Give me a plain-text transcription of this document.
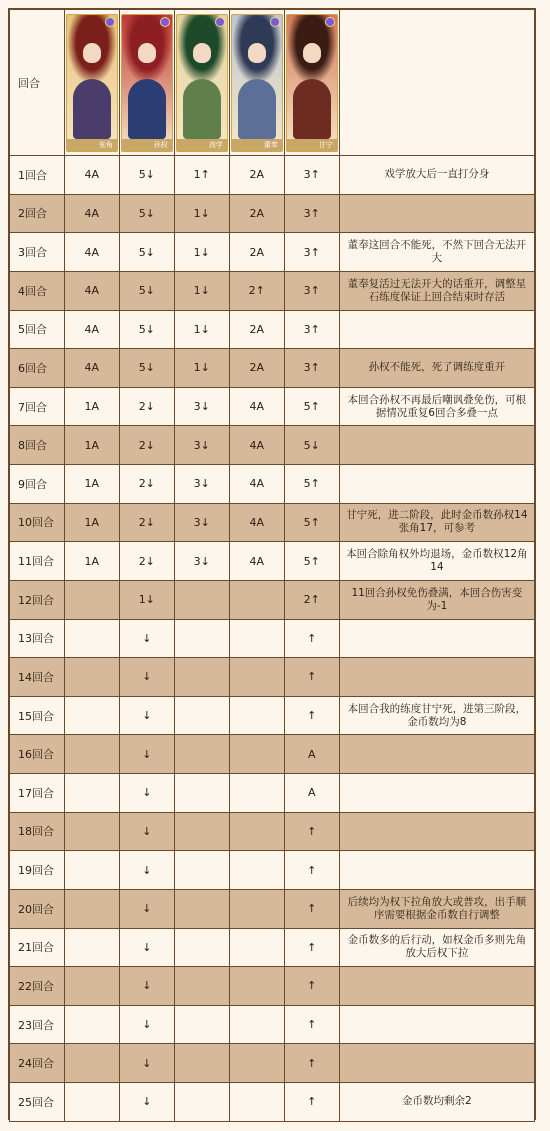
回合	张角	孙权	戏学	董奉	甘宁	

1回合	4A	5↓	1↑	2A	3↑	戏学放大后一直打分身
2回合	4A	5↓	1↓	2A	3↑	
3回合	4A	5↓	1↓	2A	3↑	董奉这回合不能死，不然下回合无法开大
4回合	4A	5↓	1↓	2↑	3↑	董奉复活过无法开大的话重开，调整星石练度保证上回合结束时存活
5回合	4A	5↓	1↓	2A	3↑	
6回合	4A	5↓	1↓	2A	3↑	孙权不能死，死了调练度重开
7回合	1A	2↓	3↓	4A	5↑	本回合孙权不再最后嘲讽叠免伤，可根据情况重复6回合多叠一点
8回合	1A	2↓	3↓	4A	5↓	
9回合	1A	2↓	3↓	4A	5↑	
10回合	1A	2↓	3↓	4A	5↑	甘宁死，进二阶段，此时金币数孙权14张角17，可参考
11回合	1A	2↓	3↓	4A	5↑	本回合除角权外均退场，金币数权12角14
12回合		1↓			2↑	11回合孙权免伤叠满，本回合伤害变为-1
13回合		↓			↑	
14回合		↓			↑	
15回合		↓			↑	本回合我的练度甘宁死，进第三阶段，金币数均为8
16回合		↓			A	
17回合		↓			A	
18回合		↓			↑	
19回合		↓			↑	
20回合		↓			↑	后续均为权下拉角放大或普攻，出手顺序需要根据金币数自行调整
21回合		↓			↑	金币数多的后行动，如权金币多则先角放大后权下拉
22回合		↓			↑	
23回合		↓			↑	
24回合		↓			↑	
25回合		↓			↑	金币数均剩余2
